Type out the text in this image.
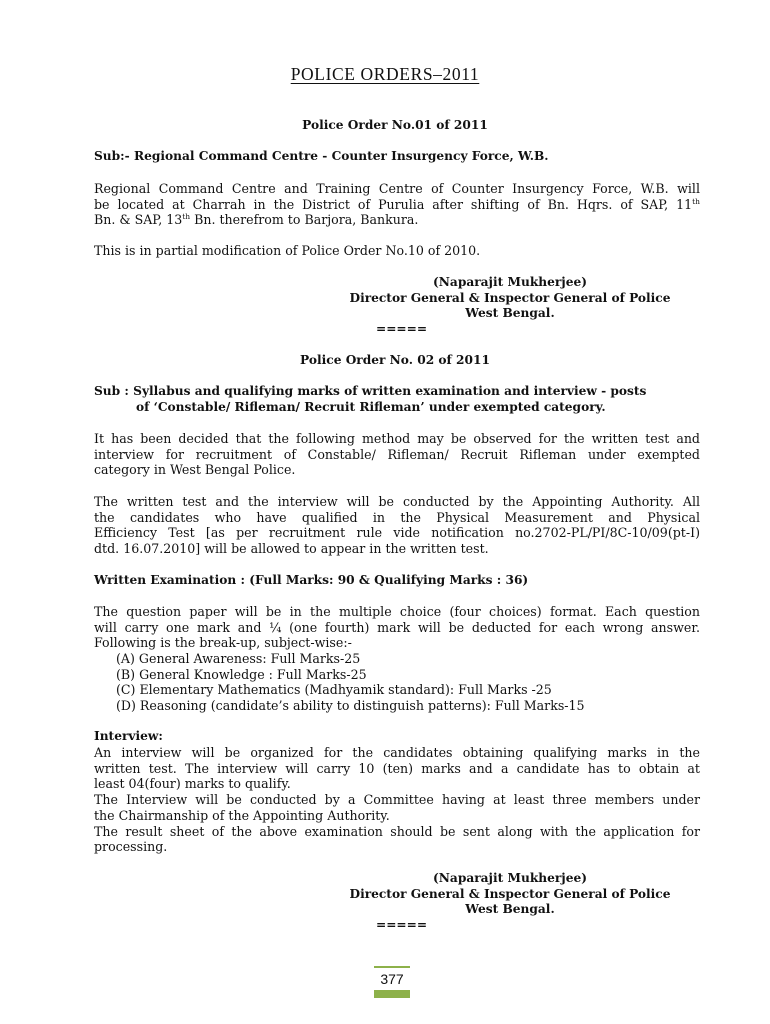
POLICE ORDERS–2011
Police Order No.01 of 2011
Sub:- Regional Command Centre - Counter Insurgency Force, W.B.
Regional Command Centre and Training Centre of Counter Insurgency Force, W.B. will
be located at Charrah in the District of Purulia after shifting of Bn. Hqrs. of SAP, 11th
Bn. & SAP, 13th Bn. therefrom to Barjora, Bankura.
This is in partial modification of Police Order No.10 of 2010.
(Naparajit Mukherjee)
Director General & Inspector General of Police
West Bengal.
=====
Police Order No. 02 of 2011
Sub : Syllabus and qualifying marks of written examination and interview - posts
of ‘Constable/ Rifleman/ Recruit Rifleman’ under exempted category.
It has been decided that the following method may be observed for the written test and
interview for recruitment of Constable/ Rifleman/ Recruit Rifleman under exempted
category in West Bengal Police.
The written test and the interview will be conducted by the Appointing Authority. All
the candidates who have qualified in the Physical Measurement and Physical
Efficiency Test [as per recruitment rule vide notification no.2702-PL/PI/8C-10/09(pt-I)
dtd. 16.07.2010] will be allowed to appear in the written test.
Written Examination : (Full Marks: 90 & Qualifying Marks : 36)
The question paper will be in the multiple choice (four choices) format. Each question
will carry one mark and ¼ (one fourth) mark will be deducted for each wrong answer.
Following is the break-up, subject-wise:-
(A) General Awareness: Full Marks-25
(B) General Knowledge : Full Marks-25
(C) Elementary Mathematics (Madhyamik standard): Full Marks -25
(D) Reasoning (candidate’s ability to distinguish patterns): Full Marks-15
Interview:
An interview will be organized for the candidates obtaining qualifying marks in the
written test. The interview will carry 10 (ten) marks and a candidate has to obtain at
least 04(four) marks to qualify.
The Interview will be conducted by a Committee having at least three members under
the Chairmanship of the Appointing Authority.
The result sheet of the above examination should be sent along with the application for
processing.
(Naparajit Mukherjee)
Director General & Inspector General of Police
West Bengal.
=====
377
